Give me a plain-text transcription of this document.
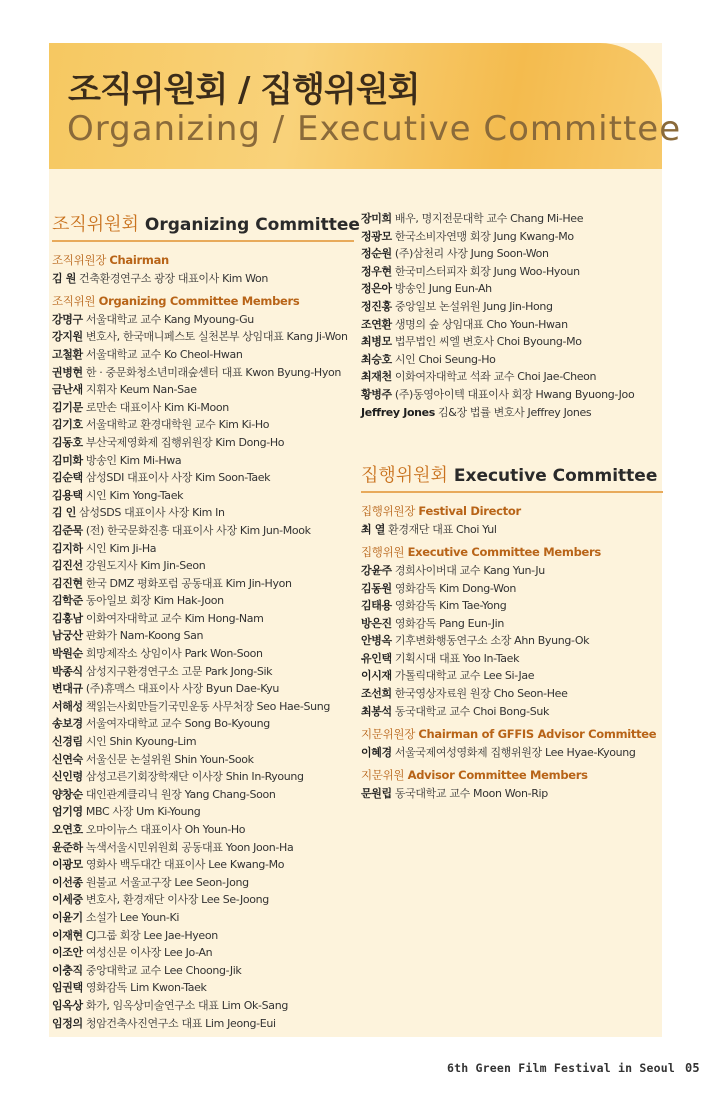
조직위원회 / 집행위원회
Organizing / Executive Committee
조직위원회 Organizing Committee
조직위원장 Chairman
김 원 건축환경연구소 광장 대표이사 Kim Won
조직위원 Organizing Committee Members
강명구 서울대학교 교수 Kang Myoung-Gu
강지원 변호사, 한국매니페스토 실천본부 상임대표 Kang Ji-Won
고철환 서울대학교 교수 Ko Cheol-Hwan
권병현 한 · 중문화청소년미래숲센터 대표 Kwon Byung-Hyon
금난새 지휘자 Keum Nan-Sae
김기문 로만손 대표이사 Kim Ki-Moon
김기호 서울대학교 환경대학원 교수 Kim Ki-Ho
김동호 부산국제영화제 집행위원장 Kim Dong-Ho
김미화 방송인 Kim Mi-Hwa
김순택 삼성SDI 대표이사 사장 Kim Soon-Taek
김용택 시인 Kim Yong-Taek
김 인 삼성SDS 대표이사 사장 Kim In
김준묵 (전) 한국문화진흥 대표이사 사장 Kim Jun-Mook
김지하 시인 Kim Ji-Ha
김진선 강원도지사 Kim Jin-Seon
김진현 한국 DMZ 평화포럼 공동대표 Kim Jin-Hyon
김학준 동아일보 회장 Kim Hak-Joon
김홍남 이화여자대학교 교수 Kim Hong-Nam
남궁산 판화가 Nam-Koong San
박원순 희망제작소 상임이사 Park Won-Soon
박종식 삼성지구환경연구소 고문 Park Jong-Sik
변대규 (주)휴맥스 대표이사 사장 Byun Dae-Kyu
서해성 책읽는사회만들기국민운동 사무처장 Seo Hae-Sung
송보경 서울여자대학교 교수 Song Bo-Kyoung
신경림 시인 Shin Kyoung-Lim
신연숙 서울신문 논설위원 Shin Youn-Sook
신인령 삼성고른기회장학재단 이사장 Shin In-Ryoung
양창순 대인관계클리닉 원장 Yang Chang-Soon
엄기영 MBC 사장 Um Ki-Young
오연호 오마이뉴스 대표이사 Oh Youn-Ho
윤준하 녹색서울시민위원회 공동대표 Yoon Joon-Ha
이광모 영화사 백두대간 대표이사 Lee Kwang-Mo
이선종 원불교 서울교구장 Lee Seon-Jong
이세중 변호사, 환경재단 이사장 Lee Se-Joong
이윤기 소설가 Lee Youn-Ki
이재현 CJ그룹 회장 Lee Jae-Hyeon
이조안 여성신문 이사장 Lee Jo-An
이충직 중앙대학교 교수 Lee Choong-Jik
임권택 영화감독 Lim Kwon-Taek
임옥상 화가, 임옥상미술연구소 대표 Lim Ok-Sang
임정의 청암건축사진연구소 대표 Lim Jeong-Eui
장미희 배우, 명지전문대학 교수 Chang Mi-Hee
정광모 한국소비자연맹 회장 Jung Kwang-Mo
정순원 (주)삼천리 사장 Jung Soon-Won
정우현 한국미스터피자 회장 Jung Woo-Hyoun
정은아 방송인 Jung Eun-Ah
정진홍 중앙일보 논설위원 Jung Jin-Hong
조연환 생명의 숲 상임대표 Cho Youn-Hwan
최병모 법무법인 씨엘 변호사 Choi Byoung-Mo
최승호 시인 Choi Seung-Ho
최재천 이화여자대학교 석좌 교수 Choi Jae-Cheon
황병주 (주)동영아이텍 대표이사 회장 Hwang Byuong-Joo
Jeffrey Jones 김&장 법률 변호사 Jeffrey Jones
집행위원회 Executive Committee
집행위원장 Festival Director
최 열 환경재단 대표 Choi Yul
집행위원 Executive Committee Members
강윤주 경희사이버대 교수 Kang Yun-Ju
김동원 영화감독 Kim Dong-Won
김태용 영화감독 Kim Tae-Yong
방은진 영화감독 Pang Eun-Jin
안병옥 기후변화행동연구소 소장 Ahn Byung-Ok
유인택 기획시대 대표 Yoo In-Taek
이시재 가톨릭대학교 교수 Lee Si-Jae
조선희 한국영상자료원 원장 Cho Seon-Hee
최봉석 동국대학교 교수 Choi Bong-Suk
지문위원장 Chairman of GFFIS Advisor Committee
이혜경 서울국제여성영화제 집행위원장 Lee Hyae-Kyoung
지문위원 Advisor Committee Members
문원립 동국대학교 교수 Moon Won-Rip
6th Green Film Festival in Seoul 05
